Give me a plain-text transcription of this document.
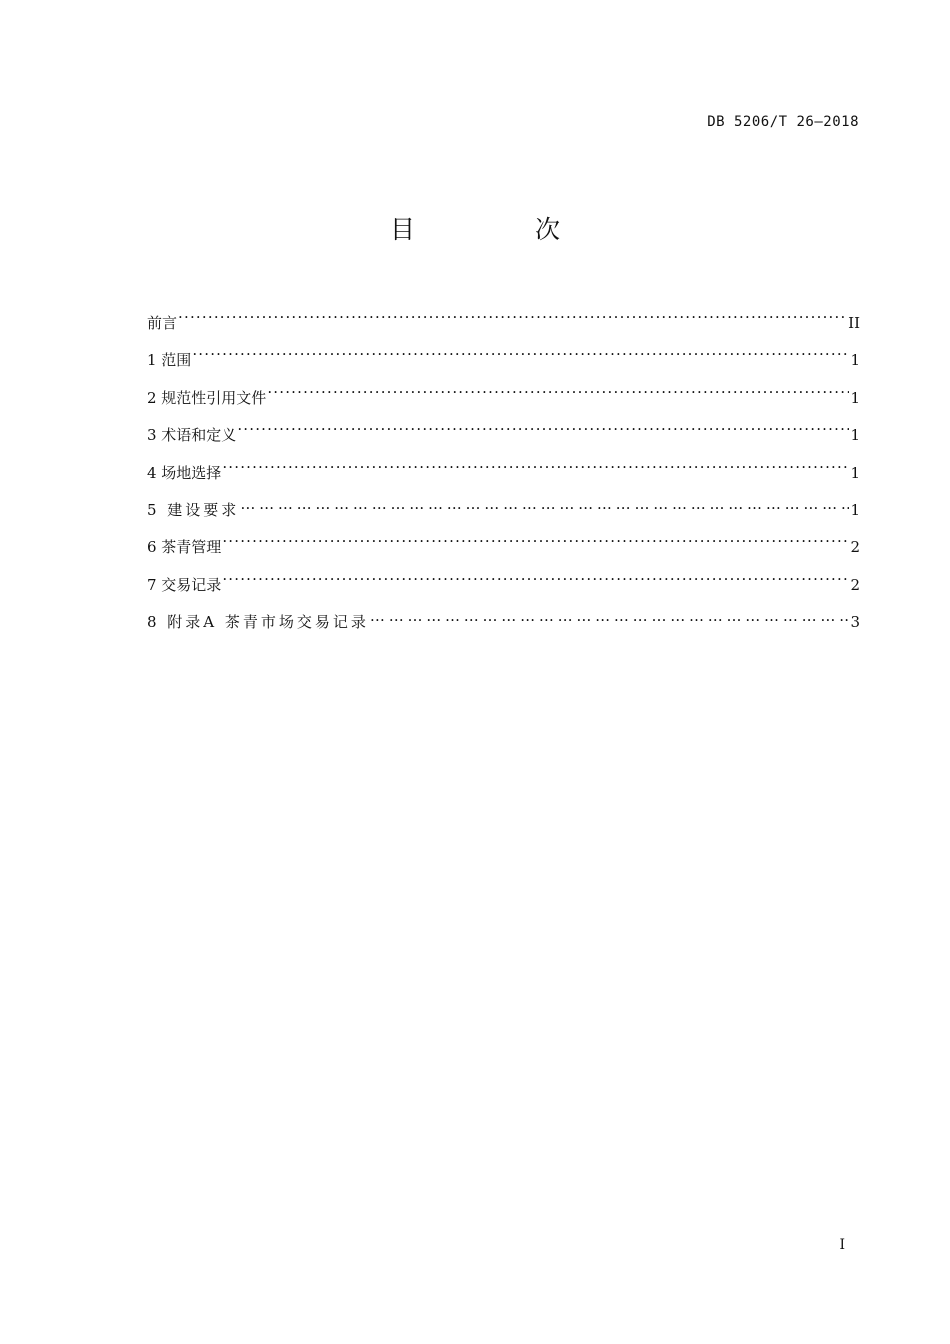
DB 5206/T 26—2018
目 次
前言 ·····	II
1 范围 ·····	1
2 规范性引用文件 ·····	1
3 术语和定义 ·····	1
4 场地选择 ·····	1
5 建设要求 … … … … … … … … … … … … … … … … … … … … … … … … … … … … … … … … … … … … … … … … … … … … … … … … … … … … … … … … … … … … … …	1
6 茶青管理 ·····	2
7 交易记录 ·····	2
8 附录A 茶青市场交易记录 … … … … … … … … … … … … … … … … … … … … … … … … … … … … … … … … … … … … … … … … … … … … … … … … … … … … … … … … … … … … … …	3
I
